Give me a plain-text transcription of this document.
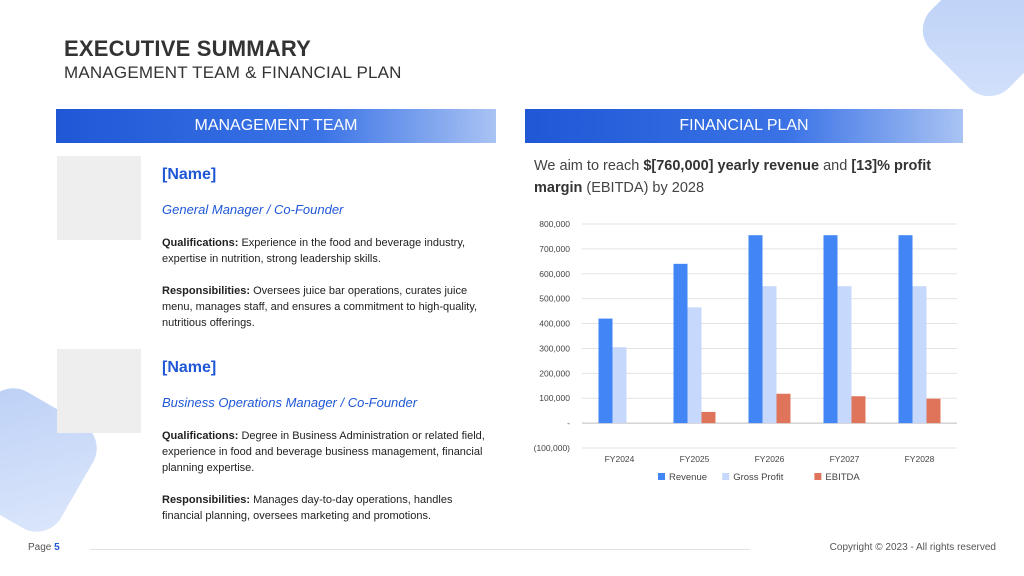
EXECUTIVE SUMMARY
MANAGEMENT TEAM & FINANCIAL PLAN
MANAGEMENT TEAM
[Name]
General Manager / Co-Founder
Qualifications: Experience in the food and beverage industry, expertise in nutrition, strong leadership skills.
Responsibilities: Oversees juice bar operations, curates juice menu, manages staff, and ensures a commitment to high-quality, nutritious offerings.
[Name]
Business Operations Manager / Co-Founder
Qualifications: Degree in Business Administration or related field, experience in food and beverage business management, financial planning expertise.
Responsibilities: Manages day-to-day operations, handles financial planning, oversees marketing and promotions.
FINANCIAL PLAN
We aim to reach $[760,000] yearly revenue and [13]% profit margin (EBITDA) by 2028
800,000
700,000
600,000
500,000
400,000
300,000
200,000
100,000
-
(100,000)
FY2024	FY2025	FY2026	FY2027	FY2028
Revenue	Gross Profit	EBITDA
Page 5	Copyright © 2023 - All rights reserved
